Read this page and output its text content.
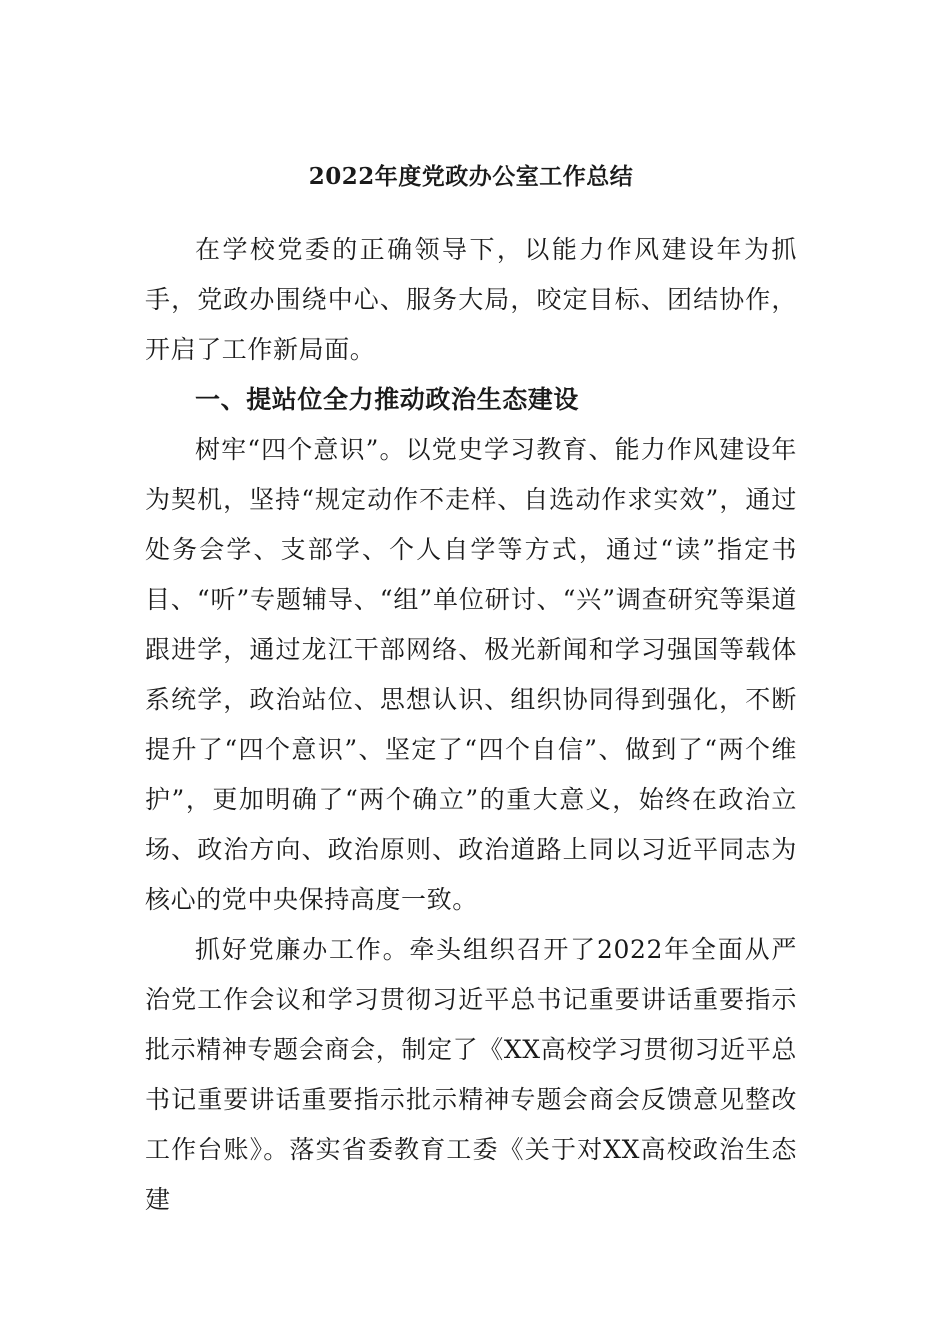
2022年度党政办公室工作总结

在学校党委的正确领导下，以能力作风建设年为抓手，党政办围绕中心、服务大局，咬定目标、团结协作，开启了工作新局面。

一、提站位全力推动政治生态建设

树牢“四个意识”。以党史学习教育、能力作风建设年为契机，坚持“规定动作不走样、自选动作求实效”，通过处务会学、支部学、个人自学等方式，通过“读”指定书目、“听”专题辅导、“组”单位研讨、“兴”调查研究等渠道跟进学，通过龙江干部网络、极光新闻和学习强国等载体系统学，政治站位、思想认识、组织协同得到强化，不断提升了“四个意识”、坚定了“四个自信”、做到了“两个维护”，更加明确了“两个确立”的重大意义，始终在政治立场、政治方向、政治原则、政治道路上同以习近平同志为核心的党中央保持高度一致。

抓好党廉办工作。牵头组织召开了2022年全面从严治党工作会议和学习贯彻习近平总书记重要讲话重要指示批示精神专题会商会，制定了《XX高校学习贯彻习近平总书记重要讲话重要指示批示精神专题会商会反馈意见整改工作台账》。落实省委教育工委《关于对XX高校政治生态建
